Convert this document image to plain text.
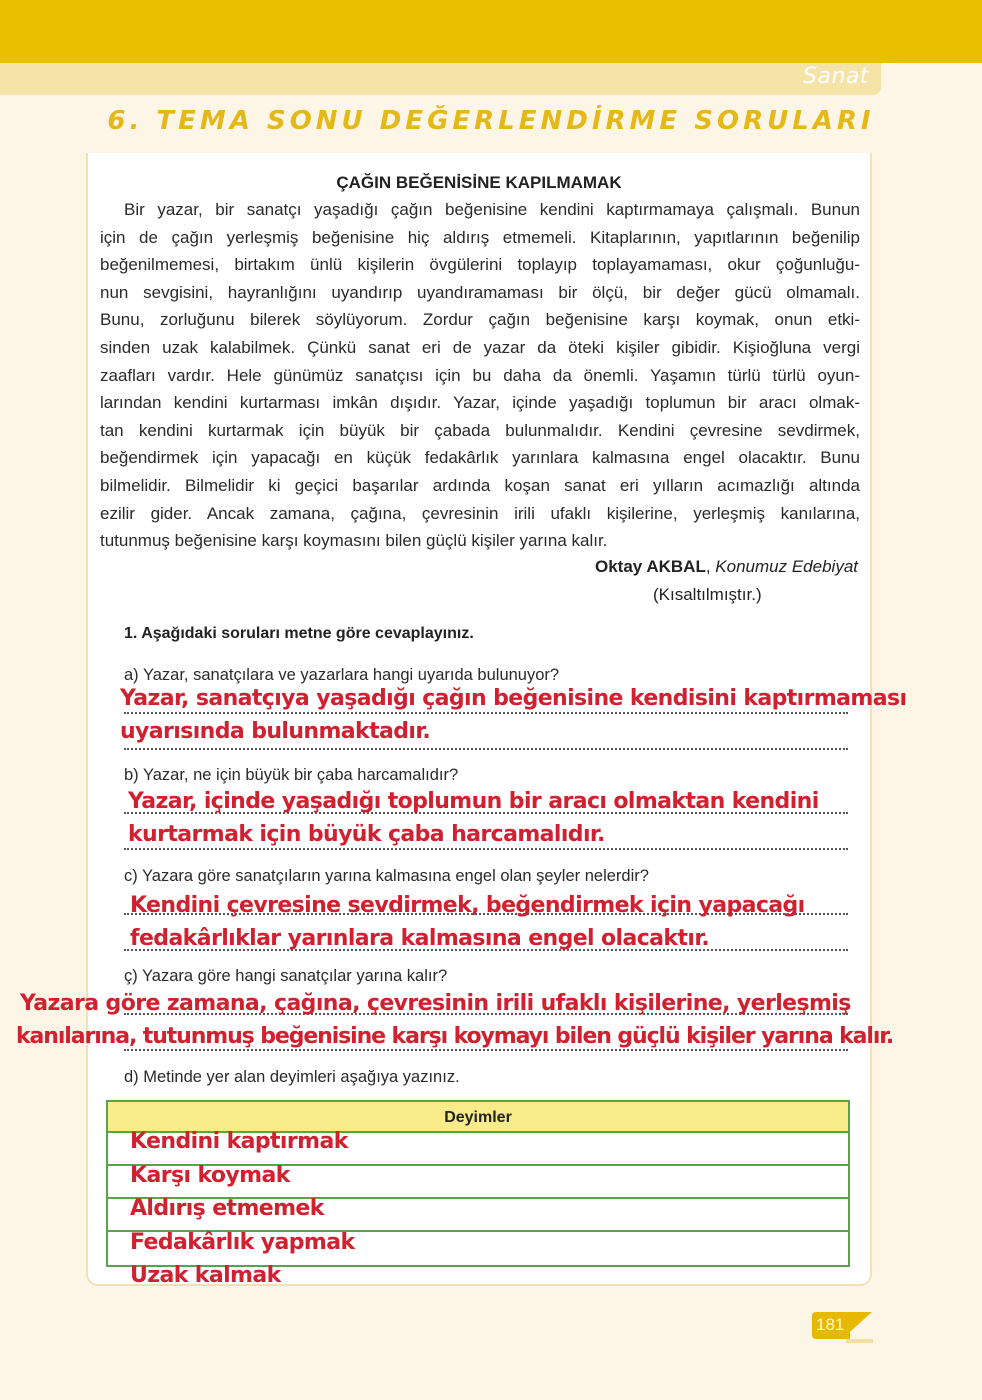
Sanat
6. TEMA SONU DEĞERLENDİRME SORULARI
ÇAĞIN BEĞENİSİNE KAPILMAMAK
Bir yazar, bir sanatçı yaşadığı çağın beğenisine kendini kaptırmamaya çalışmalı. Bunun
için de çağın yerleşmiş beğenisine hiç aldırış etmemeli. Kitaplarının, yapıtlarının beğenilip
beğenilmemesi, birtakım ünlü kişilerin övgülerini toplayıp toplayamaması, okur çoğunluğu-
nun sevgisini, hayranlığını uyandırıp uyandıramaması bir ölçü, bir değer gücü olmamalı.
Bunu, zorluğunu bilerek söylüyorum. Zordur çağın beğenisine karşı koymak, onun etki-
sinden uzak kalabilmek. Çünkü sanat eri de yazar da öteki kişiler gibidir. Kişioğluna vergi
zaafları vardır. Hele günümüz sanatçısı için bu daha da önemli. Yaşamın türlü türlü oyun-
larından kendini kurtarması imkân dışıdır. Yazar, içinde yaşadığı toplumun bir aracı olmak-
tan kendini kurtarmak için büyük bir çabada bulunmalıdır. Kendini çevresine sevdirmek,
beğendirmek için yapacağı en küçük fedakârlık yarınlara kalmasına engel olacaktır. Bunu
bilmelidir. Bilmelidir ki geçici başarılar ardında koşan sanat eri yılların acımazlığı altında
ezilir gider. Ancak zamana, çağına, çevresinin irili ufaklı kişilerine, yerleşmiş kanılarına,
tutunmuş beğenisine karşı koymasını bilen güçlü kişiler yarına kalır.
Oktay AKBAL, Konumuz Edebiyat
(Kısaltılmıştır.)
1. Aşağıdaki soruları metne göre cevaplayınız.
a) Yazar, sanatçılara ve yazarlara hangi uyarıda bulunuyor?
b) Yazar, ne için büyük bir çaba harcamalıdır?
c) Yazara göre sanatçıların yarına kalmasına engel olan şeyler nelerdir?
ç) Yazara göre hangi sanatçılar yarına kalır?
d) Metinde yer alan deyimleri aşağıya yazınız.
Deyimler
Yazar, sanatçıya yaşadığı çağın beğenisine kendisini kaptırmaması
uyarısında bulunmaktadır.
Yazar, içinde yaşadığı toplumun bir aracı olmaktan kendini
kurtarmak için büyük çaba harcamalıdır.
Kendini çevresine sevdirmek, beğendirmek için yapacağı
fedakârlıklar yarınlara kalmasına engel olacaktır.
Yazara göre zamana, çağına, çevresinin irili ufaklı kişilerine, yerleşmiş
kanılarına, tutunmuş beğenisine karşı koymayı bilen güçlü kişiler yarına kalır.
Kendini kaptırmak
Karşı koymak
Aldırış etmemek
Fedakârlık yapmak
Uzak kalmak
181
